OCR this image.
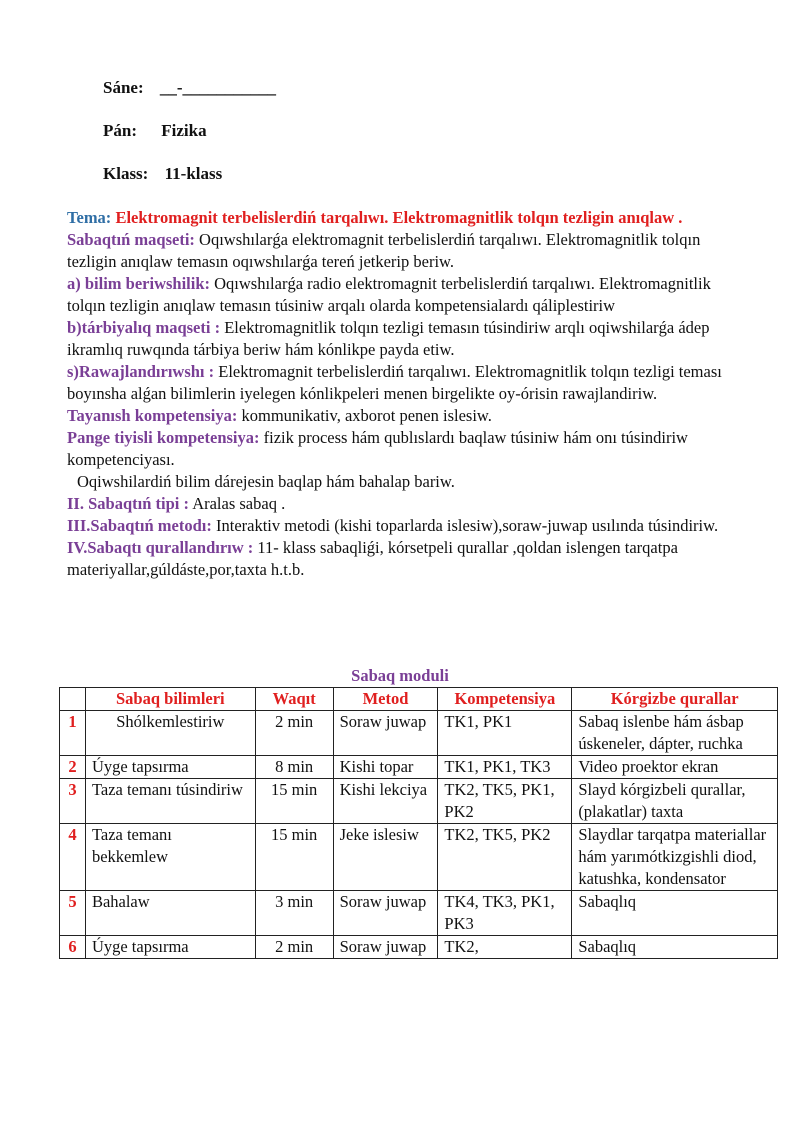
Sáne: __-___________
Pán: Fizika
Klass: 11-klass

Tema: Elektromagnit terbelislerdiń tarqalıwı. Elektromagnitlik tolqın tezligin anıqlaw .

Sabaqtıń maqseti: Oqıwshılarǵa elektromagnit terbelislerdiń tarqalıwı. Elektromagnitlik tolqın tezligin anıqlaw temasın oqıwshılarǵa tereń jetkerip beriw.

a) bilim beriwshilik: Oqıwshılarǵa radio elektromagnit terbelislerdiń tarqalıwı. Elektromagnitlik tolqın tezligin anıqlaw temasın túsiniw arqalı olarda kompetensialardı qáliplestiriw

b)tárbiyalıq maqseti : Elektromagnitlik tolqın tezligi temasın túsindiriw arqlı oqiwshilarǵa ádep ikramlıq ruwqında tárbiya beriw hám kónlikpe payda etiw.

s)Rawajlandırıwshı : Elektromagnit terbelislerdiń tarqalıwı. Elektromagnitlik tolqın tezligi teması boyınsha alǵan bilimlerin iyelegen kónlikpeleri menen birgelikte oy-órisin rawajlandiriw.

Tayanısh kompetensiya: kommunikativ, axborot penen islesiw.

Pange tiyisli kompetensiya: fizik process hám qublıslardı baqlaw túsiniw hám onı túsindiriw kompetenciyası.

Oqiwshilardiń bilim dárejesin baqlap hám bahalap bariw.

II. Sabaqtıń tipi : Aralas sabaq .

III.Sabaqtıń metodı: Interaktiv metodi (kishi toparlarda islesiw),soraw-juwap usılında túsindiriw.

IV.Sabaqtı qurallandırıw : 11- klass sabaqliǵi, kórsetpeli qurallar ,qoldan islengen tarqatpa materiyallar,gúldáste,por,taxta h.t.b.

Sabaq moduli
	Sabaq bilimleri	Waqıt	Metod	Kompetensiya	Kórgizbe qurallar
1	Shólkemlestiriw	2 min	Soraw juwap	TK1, PK1	Sabaq islenbe hám ásbap úskeneler, dápter, ruchka
2	Úyge tapsırma	8 min	Kishi topar	TK1, PK1, TK3	Video proektor ekran
3	Taza temanı túsindiriw	15 min	Kishi lekciya	TK2, TK5, PK1, PK2	Slayd kórgizbeli qurallar, (plakatlar) taxta
4	Taza temanı bekkemlew	15 min	Jeke islesiw	TK2, TK5, PK2	Slaydlar tarqatpa materiallar hám yarımótkizgishli diod, katushka, kondensator
5	Bahalaw	3 min	Soraw juwap	TK4, TK3, PK1, PK3	Sabaqlıq
6	Úyge tapsırma	2 min	Soraw juwap	TK2,	Sabaqlıq
